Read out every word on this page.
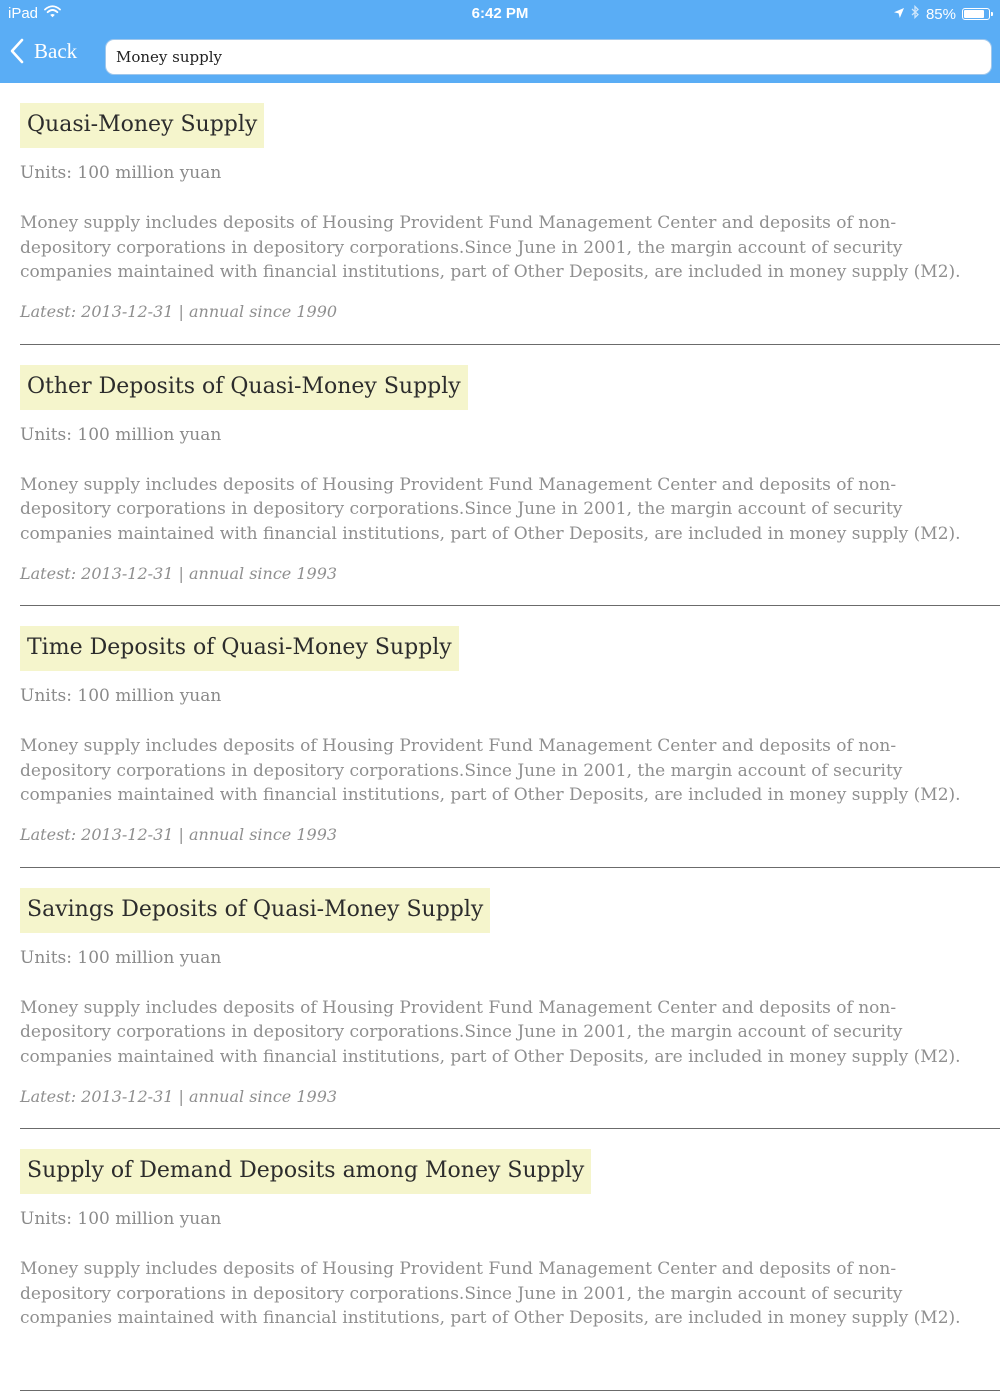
iPad	6:42 PM	85%
Back
Money supply
Quasi-Money Supply
Units: 100 million yuan
Money supply includes deposits of Housing Provident Fund Management Center and deposits of non-depository corporations in depository corporations.Since June in 2001, the margin account of security companies maintained with financial institutions, part of Other Deposits, are included in money supply (M2).
Latest: 2013-12-31 | annual since 1990
Other Deposits of Quasi-Money Supply
Units: 100 million yuan
Money supply includes deposits of Housing Provident Fund Management Center and deposits of non-depository corporations in depository corporations.Since June in 2001, the margin account of security companies maintained with financial institutions, part of Other Deposits, are included in money supply (M2).
Latest: 2013-12-31 | annual since 1993
Time Deposits of Quasi-Money Supply
Units: 100 million yuan
Money supply includes deposits of Housing Provident Fund Management Center and deposits of non-depository corporations in depository corporations.Since June in 2001, the margin account of security companies maintained with financial institutions, part of Other Deposits, are included in money supply (M2).
Latest: 2013-12-31 | annual since 1993
Savings Deposits of Quasi-Money Supply
Units: 100 million yuan
Money supply includes deposits of Housing Provident Fund Management Center and deposits of non-depository corporations in depository corporations.Since June in 2001, the margin account of security companies maintained with financial institutions, part of Other Deposits, are included in money supply (M2).
Latest: 2013-12-31 | annual since 1993
Supply of Demand Deposits among Money Supply
Units: 100 million yuan
Money supply includes deposits of Housing Provident Fund Management Center and deposits of non-depository corporations in depository corporations.Since June in 2001, the margin account of security companies maintained with financial institutions, part of Other Deposits, are included in money supply (M2).
